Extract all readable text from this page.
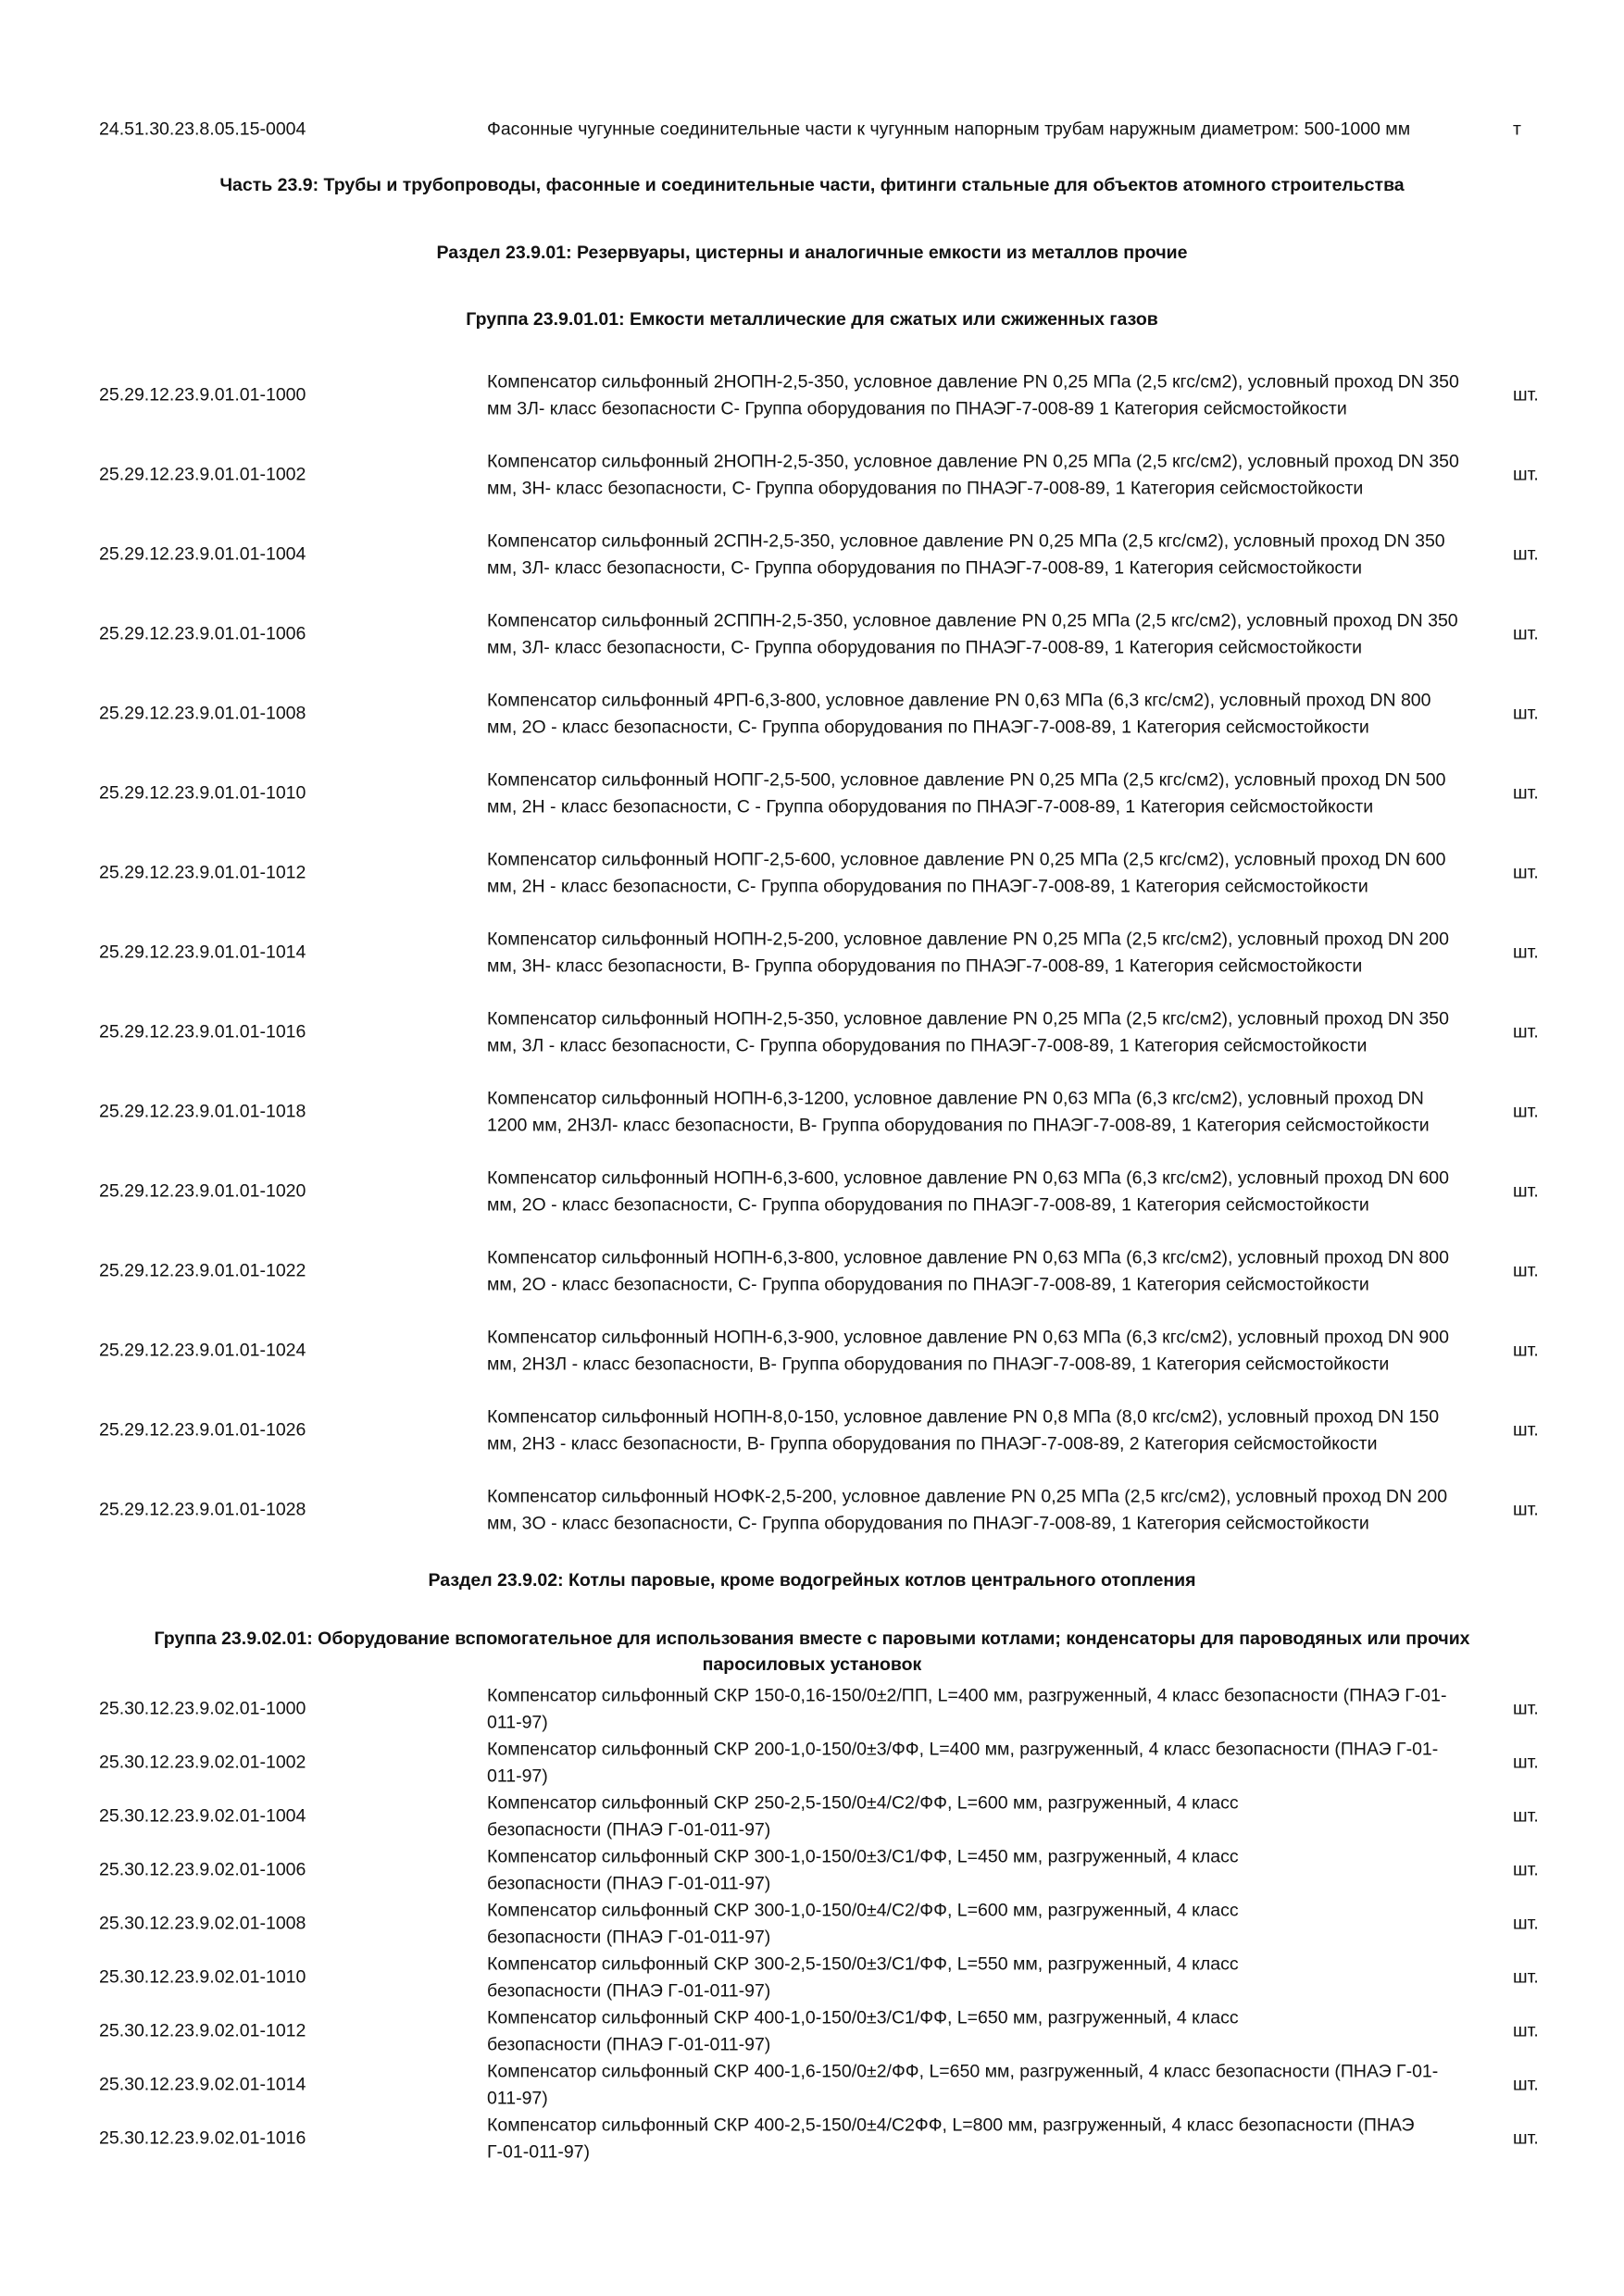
24.51.30.23.8.05.15-0004	Фасонные чугунные соединительные части к чугунным напорным трубам наружным диаметром: 500-1000 мм	т
Часть 23.9: Трубы и трубопроводы, фасонные и соединительные части, фитинги стальные для объектов атомного строительства
Раздел 23.9.01: Резервуары, цистерны и аналогичные емкости из металлов прочие
Группа 23.9.01.01: Емкости металлические для сжатых или сжиженных газов
25.29.12.23.9.01.01-1000
Компенсатор сильфонный 2НОПН-2,5-350, условное давление PN 0,25 МПа (2,5 кгс/см2), условный проход DN 350 мм 3Л- класс безопасности С- Группа оборудования по ПНАЭГ-7-008-89 1 Категория сейсмостойкости
шт.
25.29.12.23.9.01.01-1002
Компенсатор сильфонный 2НОПН-2,5-350, условное давление PN 0,25 МПа (2,5 кгс/см2), условный проход DN 350 мм, 3Н- класс безопасности, С- Группа оборудования по ПНАЭГ-7-008-89, 1 Категория сейсмостойкости
шт.
25.29.12.23.9.01.01-1004
Компенсатор сильфонный 2СПН-2,5-350, условное давление PN 0,25 МПа (2,5 кгс/см2), условный проход DN 350 мм, 3Л- класс безопасности, С- Группа оборудования по ПНАЭГ-7-008-89, 1 Категория сейсмостойкости
шт.
25.29.12.23.9.01.01-1006
Компенсатор сильфонный 2СППН-2,5-350, условное давление PN 0,25 МПа (2,5 кгс/см2), условный проход DN 350 мм, 3Л- класс безопасности, С- Группа оборудования по ПНАЭГ-7-008-89, 1 Категория сейсмостойкости
шт.
25.29.12.23.9.01.01-1008
Компенсатор сильфонный 4РП-6,3-800, условное давление PN 0,63 МПа (6,3 кгс/см2), условный проход DN 800 мм, 2О - класс безопасности, С- Группа оборудования по ПНАЭГ-7-008-89, 1 Категория сейсмостойкости
шт.
25.29.12.23.9.01.01-1010
Компенсатор сильфонный НОПГ-2,5-500, условное давление PN 0,25 МПа (2,5 кгс/см2), условный проход DN 500 мм, 2Н - класс безопасности, С - Группа оборудования по ПНАЭГ-7-008-89, 1 Категория сейсмостойкости
шт.
25.29.12.23.9.01.01-1012
Компенсатор сильфонный НОПГ-2,5-600, условное давление PN 0,25 МПа (2,5 кгс/см2), условный проход DN 600 мм, 2Н - класс безопасности, С- Группа оборудования по ПНАЭГ-7-008-89, 1 Категория сейсмостойкости
шт.
25.29.12.23.9.01.01-1014
Компенсатор сильфонный НОПН-2,5-200, условное давление PN 0,25 МПа (2,5 кгс/см2), условный проход DN 200 мм, 3Н- класс безопасности, В- Группа оборудования по ПНАЭГ-7-008-89, 1 Категория сейсмостойкости
шт.
25.29.12.23.9.01.01-1016
Компенсатор сильфонный НОПН-2,5-350, условное давление PN 0,25 МПа (2,5 кгс/см2), условный проход DN 350 мм, 3Л - класс безопасности, С- Группа оборудования по ПНАЭГ-7-008-89, 1 Категория сейсмостойкости
шт.
25.29.12.23.9.01.01-1018
Компенсатор сильфонный НОПН-6,3-1200, условное давление PN 0,63 МПа (6,3 кгс/см2), условный проход DN 1200 мм, 2Н3Л- класс безопасности, В- Группа оборудования по ПНАЭГ-7-008-89, 1 Категория сейсмостойкости
шт.
25.29.12.23.9.01.01-1020
Компенсатор сильфонный НОПН-6,3-600, условное давление PN 0,63 МПа (6,3 кгс/см2), условный проход DN 600 мм, 2О - класс безопасности, С- Группа оборудования по ПНАЭГ-7-008-89, 1 Категория сейсмостойкости
шт.
25.29.12.23.9.01.01-1022
Компенсатор сильфонный НОПН-6,3-800, условное давление PN 0,63 МПа (6,3 кгс/см2), условный проход DN 800 мм, 2О - класс безопасности, С- Группа оборудования по ПНАЭГ-7-008-89, 1 Категория сейсмостойкости
шт.
25.29.12.23.9.01.01-1024
Компенсатор сильфонный НОПН-6,3-900, условное давление PN 0,63 МПа (6,3 кгс/см2), условный проход DN 900 мм, 2Н3Л - класс безопасности, В- Группа оборудования по ПНАЭГ-7-008-89, 1 Категория сейсмостойкости
шт.
25.29.12.23.9.01.01-1026
Компенсатор сильфонный НОПН-8,0-150, условное давление PN 0,8 МПа (8,0 кгс/см2), условный проход DN 150 мм, 2Н3 - класс безопасности, В- Группа оборудования по ПНАЭГ-7-008-89, 2 Категория сейсмостойкости
шт.
25.29.12.23.9.01.01-1028
Компенсатор сильфонный НОФК-2,5-200, условное давление PN 0,25 МПа (2,5 кгс/см2), условный проход DN 200 мм, 3О - класс безопасности, С- Группа оборудования по ПНАЭГ-7-008-89, 1 Категория сейсмостойкости
шт.
Раздел 23.9.02: Котлы паровые, кроме водогрейных котлов центрального отопления
Группа 23.9.02.01: Оборудование вспомогательное для использования вместе с паровыми котлами; конденсаторы для пароводяных или прочих паросиловых установок
25.30.12.23.9.02.01-1000
Компенсатор сильфонный СКР 150-0,16-150/0±2/ПП, L=400 мм, разгруженный, 4 класс безопасности (ПНАЭ Г-01-011-97)
шт.
25.30.12.23.9.02.01-1002
Компенсатор сильфонный СКР 200-1,0-150/0±3/ФФ, L=400 мм, разгруженный, 4 класс безопасности (ПНАЭ Г-01-011-97)
шт.
25.30.12.23.9.02.01-1004
Компенсатор сильфонный СКР 250-2,5-150/0±4/С2/ФФ, L=600 мм, разгруженный, 4 класс безопасности (ПНАЭ Г-01-011-97)
шт.
25.30.12.23.9.02.01-1006
Компенсатор сильфонный СКР 300-1,0-150/0±3/С1/ФФ, L=450 мм, разгруженный, 4 класс безопасности (ПНАЭ Г-01-011-97)
шт.
25.30.12.23.9.02.01-1008
Компенсатор сильфонный СКР 300-1,0-150/0±4/С2/ФФ, L=600 мм, разгруженный, 4 класс безопасности (ПНАЭ Г-01-011-97)
шт.
25.30.12.23.9.02.01-1010
Компенсатор сильфонный СКР 300-2,5-150/0±3/С1/ФФ, L=550 мм, разгруженный, 4 класс безопасности (ПНАЭ Г-01-011-97)
шт.
25.30.12.23.9.02.01-1012
Компенсатор сильфонный СКР 400-1,0-150/0±3/С1/ФФ, L=650 мм, разгруженный, 4 класс безопасности (ПНАЭ Г-01-011-97)
шт.
25.30.12.23.9.02.01-1014
Компенсатор сильфонный СКР 400-1,6-150/0±2/ФФ, L=650 мм, разгруженный, 4 класс безопасности (ПНАЭ Г-01-011-97)
шт.
25.30.12.23.9.02.01-1016
Компенсатор сильфонный СКР 400-2,5-150/0±4/С2ФФ, L=800 мм, разгруженный, 4 класс безопасности (ПНАЭ Г-01-011-97)
шт.
